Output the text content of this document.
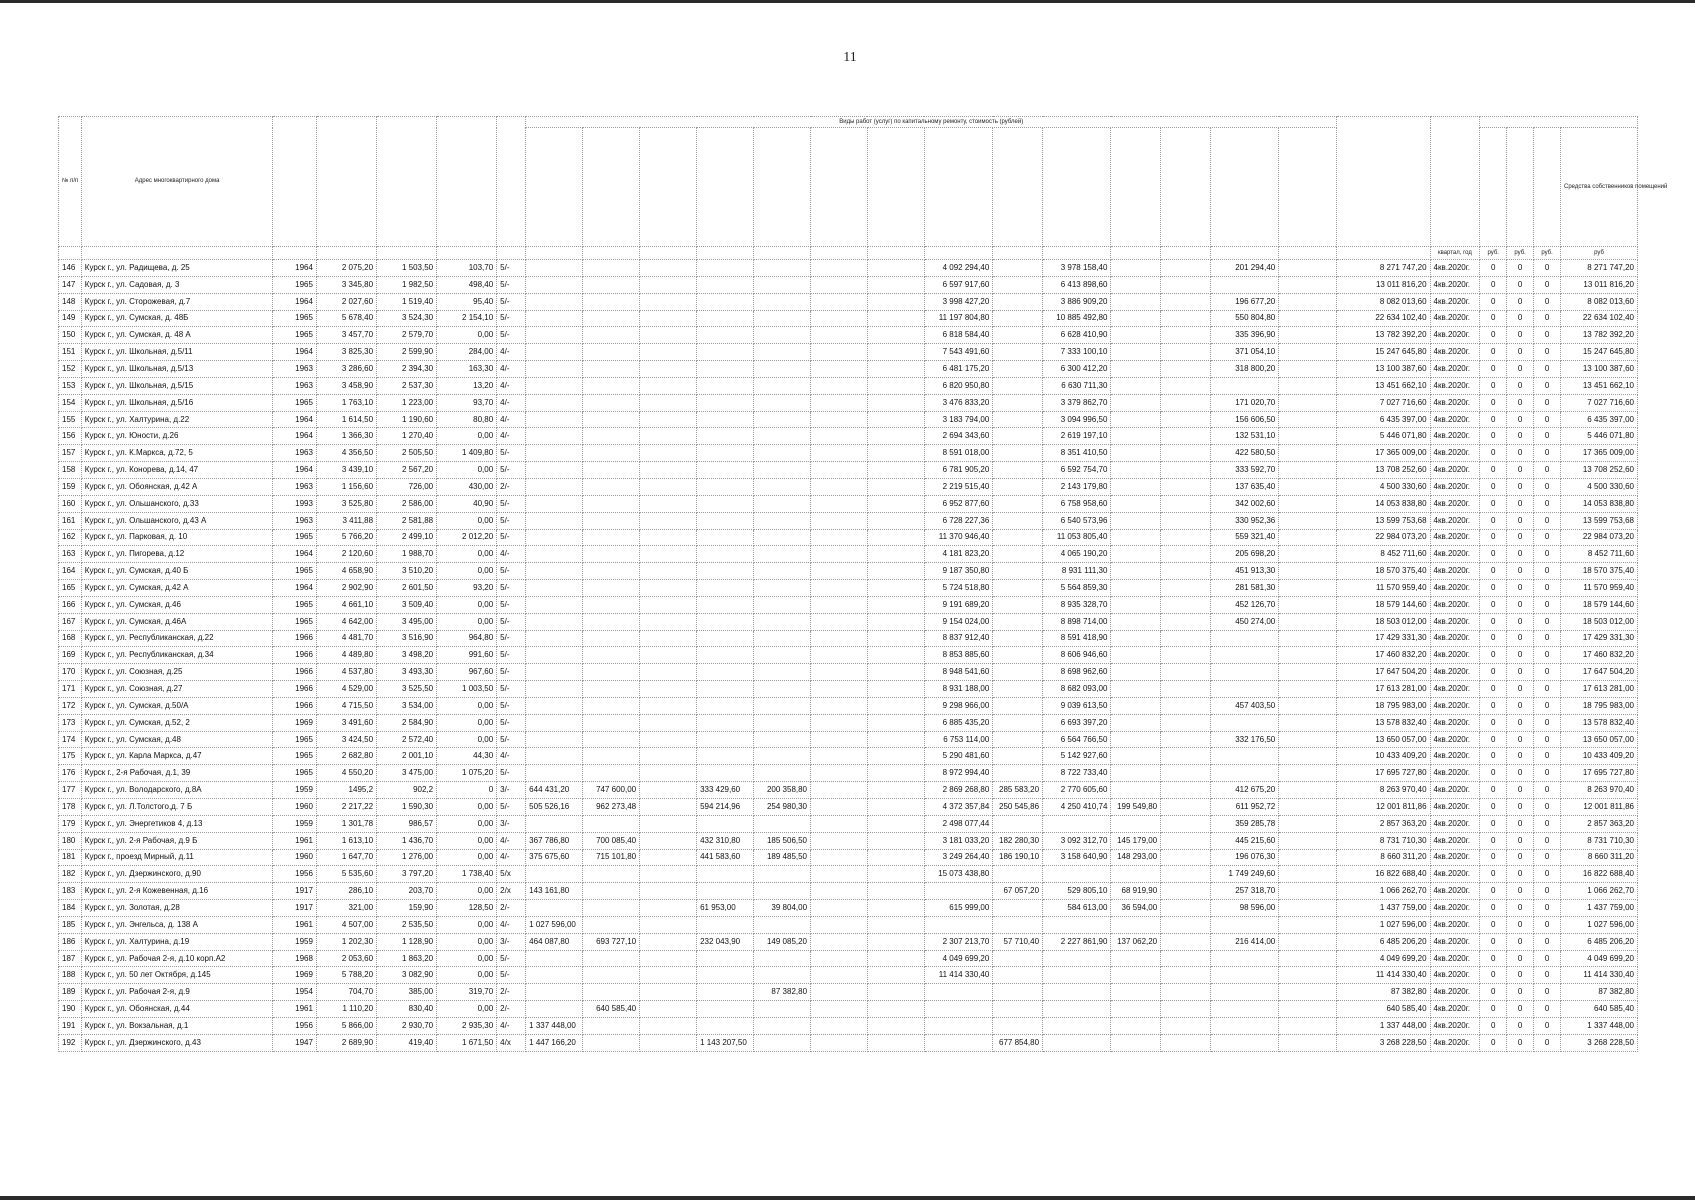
11
№ п/п	Адрес многоквартирного дома						Виды работ (услуг) по капитальному ремонту, стоимость (рублей)																			
																										Средства собственников помещений
																						квартал, год	руб.	руб.	руб.	руб
146	Курск г., ул. Радищева, д. 25	1964	2 075,20	1 503,50	103,70	5/-								4 092 294,40		3 978 158,40			201 294,40		8 271 747,20	4кв.2020г.	0	0	0	8 271 747,20
147	Курск г., ул. Садовая, д. 3	1965	3 345,80	1 982,50	498,40	5/-								6 597 917,60		6 413 898,60					13 011 816,20	4кв.2020г.	0	0	0	13 011 816,20
148	Курск г., ул. Сторожевая, д.7	1964	2 027,60	1 519,40	95,40	5/-								3 998 427,20		3 886 909,20			196 677,20		8 082 013,60	4кв.2020г.	0	0	0	8 082 013,60
149	Курск г., ул. Сумская, д. 48Б	1965	5 678,40	3 524,30	2 154,10	5/-								11 197 804,80		10 885 492,80			550 804,80		22 634 102,40	4кв.2020г.	0	0	0	22 634 102,40
150	Курск г., ул. Сумская, д. 48 А	1965	3 457,70	2 579,70	0,00	5/-								6 818 584,40		6 628 410,90			335 396,90		13 782 392,20	4кв.2020г.	0	0	0	13 782 392,20
151	Курск г., ул. Школьная, д.5/11	1964	3 825,30	2 599,90	284,00	4/-								7 543 491,60		7 333 100,10			371 054,10		15 247 645,80	4кв.2020г.	0	0	0	15 247 645,80
152	Курск г., ул. Школьная, д.5/13	1963	3 286,60	2 394,30	163,30	4/-								6 481 175,20		6 300 412,20			318 800,20		13 100 387,60	4кв.2020г.	0	0	0	13 100 387,60
153	Курск г., ул. Школьная, д.5/15	1963	3 458,90	2 537,30	13,20	4/-								6 820 950,80		6 630 711,30					13 451 662,10	4кв.2020г.	0	0	0	13 451 662,10
154	Курск г., ул. Школьная, д.5/16	1965	1 763,10	1 223,00	93,70	4/-								3 476 833,20		3 379 862,70			171 020,70		7 027 716,60	4кв.2020г.	0	0	0	7 027 716,60
155	Курск г., ул. Халтурина, д.22	1964	1 614,50	1 190,60	80,80	4/-								3 183 794,00		3 094 996,50			156 606,50		6 435 397,00	4кв.2020г.	0	0	0	6 435 397,00
156	Курск г., ул. Юности, д.26	1964	1 366,30	1 270,40	0,00	4/-								2 694 343,60		2 619 197,10			132 531,10		5 446 071,80	4кв.2020г.	0	0	0	5 446 071,80
157	Курск г., ул. К.Маркса, д.72, 5	1963	4 356,50	2 505,50	1 409,80	5/-								8 591 018,00		8 351 410,50			422 580,50		17 365 009,00	4кв.2020г.	0	0	0	17 365 009,00
158	Курск г., ул. Конорева, д.14, 47	1964	3 439,10	2 567,20	0,00	5/-								6 781 905,20		6 592 754,70			333 592,70		13 708 252,60	4кв.2020г.	0	0	0	13 708 252,60
159	Курск г., ул. Обоянская, д.42 А	1963	1 156,60	726,00	430,00	2/-								2 219 515,40		2 143 179,80			137 635,40		4 500 330,60	4кв.2020г.	0	0	0	4 500 330,60
160	Курск г., ул. Ольшанского, д.33	1993	3 525,80	2 586,00	40,90	5/-								6 952 877,60		6 758 958,60			342 002,60		14 053 838,80	4кв.2020г.	0	0	0	14 053 838,80
161	Курск г., ул. Ольшанского, д.43 А	1963	3 411,88	2 581,88	0,00	5/-								6 728 227,36		6 540 573,96			330 952,36		13 599 753,68	4кв.2020г.	0	0	0	13 599 753,68
162	Курск г., ул. Парковая, д. 10	1965	5 766,20	2 499,10	2 012,20	5/-								11 370 946,40		11 053 805,40			559 321,40		22 984 073,20	4кв.2020г.	0	0	0	22 984 073,20
163	Курск г., ул. Пигорева, д.12	1964	2 120,60	1 988,70	0,00	4/-								4 181 823,20		4 065 190,20			205 698,20		8 452 711,60	4кв.2020г.	0	0	0	8 452 711,60
164	Курск г., ул. Сумская, д.40 Б	1965	4 658,90	3 510,20	0,00	5/-								9 187 350,80		8 931 111,30			451 913,30		18 570 375,40	4кв.2020г.	0	0	0	18 570 375,40
165	Курск г., ул. Сумская, д.42 А	1964	2 902,90	2 601,50	93,20	5/-								5 724 518,80		5 564 859,30			281 581,30		11 570 959,40	4кв.2020г.	0	0	0	11 570 959,40
166	Курск г., ул. Сумская, д.46	1965	4 661,10	3 509,40	0,00	5/-								9 191 689,20		8 935 328,70			452 126,70		18 579 144,60	4кв.2020г.	0	0	0	18 579 144,60
167	Курск г., ул. Сумская, д.46А	1965	4 642,00	3 495,00	0,00	5/-								9 154 024,00		8 898 714,00			450 274,00		18 503 012,00	4кв.2020г.	0	0	0	18 503 012,00
168	Курск г., ул. Республиканская, д.22	1966	4 481,70	3 516,90	964,80	5/-								8 837 912,40		8 591 418,90					17 429 331,30	4кв.2020г.	0	0	0	17 429 331,30
169	Курск г., ул. Республиканская, д.34	1966	4 489,80	3 498,20	991,60	5/-								8 853 885,60		8 606 946,60					17 460 832,20	4кв.2020г.	0	0	0	17 460 832,20
170	Курск г., ул. Союзная, д.25	1966	4 537,80	3 493,30	967,60	5/-								8 948 541,60		8 698 962,60					17 647 504,20	4кв.2020г.	0	0	0	17 647 504,20
171	Курск г., ул. Союзная, д.27	1966	4 529,00	3 525,50	1 003,50	5/-								8 931 188,00		8 682 093,00					17 613 281,00	4кв.2020г.	0	0	0	17 613 281,00
172	Курск г., ул. Сумская, д.50/А	1966	4 715,50	3 534,00	0,00	5/-								9 298 966,00		9 039 613,50			457 403,50		18 795 983,00	4кв.2020г.	0	0	0	18 795 983,00
173	Курск г., ул. Сумская, д.52, 2	1969	3 491,60	2 584,90	0,00	5/-								6 885 435,20		6 693 397,20					13 578 832,40	4кв.2020г.	0	0	0	13 578 832,40
174	Курск г., ул. Сумская, д.48	1965	3 424,50	2 572,40	0,00	5/-								6 753 114,00		6 564 766,50			332 176,50		13 650 057,00	4кв.2020г.	0	0	0	13 650 057,00
175	Курск г., ул. Карла Маркса, д.47	1965	2 682,80	2 001,10	44,30	4/-								5 290 481,60		5 142 927,60					10 433 409,20	4кв.2020г.	0	0	0	10 433 409,20
176	Курск г., 2-я Рабочая, д.1, 39	1965	4 550,20	3 475,00	1 075,20	5/-								8 972 994,40		8 722 733,40					17 695 727,80	4кв.2020г.	0	0	0	17 695 727,80
177	Курск г., ул. Володарского, д.8А	1959	1495,2	902,2	0	3/-	644 431,20	747 600,00		333 429,60	200 358,80			2 869 268,80	285 583,20	2 770 605,60			412 675,20		8 263 970,40	4кв.2020г.	0	0	0	8 263 970,40
178	Курск г., ул. Л.Толстого,д. 7 Б	1960	2 217,22	1 590,30	0,00	5/-	505 526,16	962 273,48		594 214,96	254 980,30			4 372 357,84	250 545,86	4 250 410,74	199 549,80		611 952,72		12 001 811,86	4кв.2020г.	0	0	0	12 001 811,86
179	Курск г., ул. Энергетиков 4, д.13	1959	1 301,78	986,57	0,00	3/-								2 498 077,44					359 285,78		2 857 363,20	4кв.2020г.	0	0	0	2 857 363,20
180	Курск г., ул. 2-я Рабочая, д.9 Б	1961	1 613,10	1 436,70	0,00	4/-	367 786,80	700 085,40		432 310,80	185 506,50			3 181 033,20	182 280,30	3 092 312,70	145 179,00		445 215,60		8 731 710,30	4кв.2020г.	0	0	0	8 731 710,30
181	Курск г., проезд Мирный, д.11	1960	1 647,70	1 276,00	0,00	4/-	375 675,60	715 101,80		441 583,60	189 485,50			3 249 264,40	186 190,10	3 158 640,90	148 293,00		196 076,30		8 660 311,20	4кв.2020г.	0	0	0	8 660 311,20
182	Курск г., ул. Дзержинского, д.90	1956	5 535,60	3 797,20	1 738,40	5/х								15 073 438,80					1 749 249,60		16 822 688,40	4кв.2020г.	0	0	0	16 822 688,40
183	Курск г., ул. 2-я Кожевенная, д.16	1917	286,10	203,70	0,00	2/х	143 161,80								67 057,20	529 805,10	68 919,90		257 318,70		1 066 262,70	4кв.2020г.	0	0	0	1 066 262,70
184	Курск г., ул. Золотая, д.28	1917	321,00	159,90	128,50	2/-				61 953,00	39 804,00			615 999,00		584 613,00	36 594,00		98 596,00		1 437 759,00	4кв.2020г.	0	0	0	1 437 759,00
185	Курск г., ул. Энгельса, д. 138 А	1961	4 507,00	2 535,50	0,00	4/-	1 027 596,00														1 027 596,00	4кв.2020г.	0	0	0	1 027 596,00
186	Курск г., ул. Халтурина, д.19	1959	1 202,30	1 128,90	0,00	3/-	464 087,80	693 727,10		232 043,90	149 085,20			2 307 213,70	57 710,40	2 227 861,90	137 062,20		216 414,00		6 485 206,20	4кв.2020г.	0	0	0	6 485 206,20
187	Курск г., ул. Рабочая 2-я, д.10 корп.А2	1968	2 053,60	1 863,20	0,00	5/-								4 049 699,20							4 049 699,20	4кв.2020г.	0	0	0	4 049 699,20
188	Курск г., ул. 50 лет Октября, д.145	1969	5 788,20	3 082,90	0,00	5/-								11 414 330,40							11 414 330,40	4кв.2020г.	0	0	0	11 414 330,40
189	Курск г., ул. Рабочая 2-я, д.9	1954	704,70	385,00	319,70	2/-					87 382,80										87 382,80	4кв.2020г.	0	0	0	87 382,80
190	Курск г., ул. Обоянская, д.44	1961	1 110,20	830,40	0,00	2/-		640 585,40													640 585,40	4кв.2020г.	0	0	0	640 585,40
191	Курск г., ул. Вокзальная, д.1	1956	5 866,00	2 930,70	2 935,30	4/-	1 337 448,00														1 337 448,00	4кв.2020г.	0	0	0	1 337 448,00
192	Курск г., ул. Дзержинского, д.43	1947	2 689,90	419,40	1 671,50	4/х	1 447 166,20			1 143 207,50					677 854,80						3 268 228,50	4кв.2020г.	0	0	0	3 268 228,50
